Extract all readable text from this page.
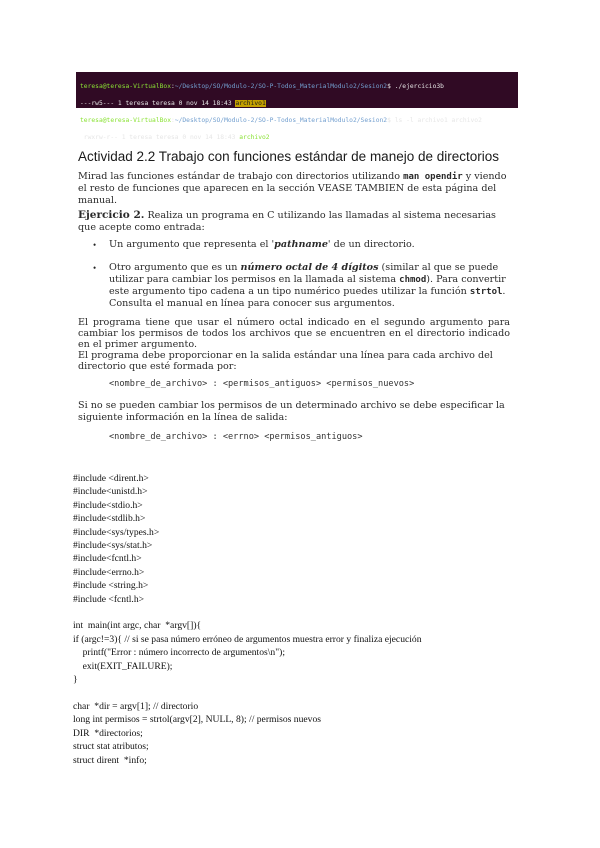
teresa@teresa-VirtualBox:~/Desktop/SO/Modulo-2/SO-P-Todos_MaterialModulo2/Sesion2$ ./ejercicio3b

---rw5--- 1 teresa teresa 0 nov 14 18:43 archivo1

teresa@teresa-VirtualBox:~/Desktop/SO/Modulo-2/SO-P-Todos_MaterialModulo2/Sesion2$ ls -l archivo1 archivo2

rwxrw-r-- 1 teresa teresa 0 nov 14 18:43 archivo2

Actividad 2.2 Trabajo con funciones estándar de manejo de directorios
Mirad las funciones estándar de trabajo con directorios utilizando man opendir y viendo el resto de funciones que aparecen en la sección VEASE TAMBIEN de esta página del manual.
Ejercicio 2. Realiza un programa en C utilizando las llamadas al sistema necesarias que acepte como entrada:
• Un argumento que representa el 'pathname' de un directorio.
• Otro argumento que es un número octal de 4 dígitos (similar al que se puede utilizar para cambiar los permisos en la llamada al sistema chmod). Para convertir este argumento tipo cadena a un tipo numérico puedes utilizar la función strtol. Consulta el manual en línea para conocer sus argumentos.
El programa tiene que usar el número octal indicado en el segundo argumento para cambiar los permisos de todos los archivos que se encuentren en el directorio indicado en el primer argumento.
El programa debe proporcionar en la salida estándar una línea para cada archivo del directorio que esté formada por:
<nombre_de_archivo> : <permisos_antiguos> <permisos_nuevos>
Si no se pueden cambiar los permisos de un determinado archivo se debe especificar la siguiente información en la línea de salida:
<nombre_de_archivo> : <errno> <permisos_antiguos>
#include <dirent.h>
#include<unistd.h>
#include<stdio.h>
#include<stdlib.h>
#include<sys/types.h>
#include<sys/stat.h>
#include<fcntl.h>
#include<errno.h>
#include <string.h>
#include <fcntl.h>
int  main(int argc, char  *argv[]){
if (argc!=3){ // si se pasa número erróneo de argumentos muestra error y finaliza ejecución
printf("Error : número incorrecto de argumentos\n");
exit(EXIT_FAILURE);
}
char  *dir = argv[1]; // directorio
long int permisos = strtol(argv[2], NULL, 8); // permisos nuevos
DIR  *directorios;
struct stat atributos;
struct dirent  *info;
